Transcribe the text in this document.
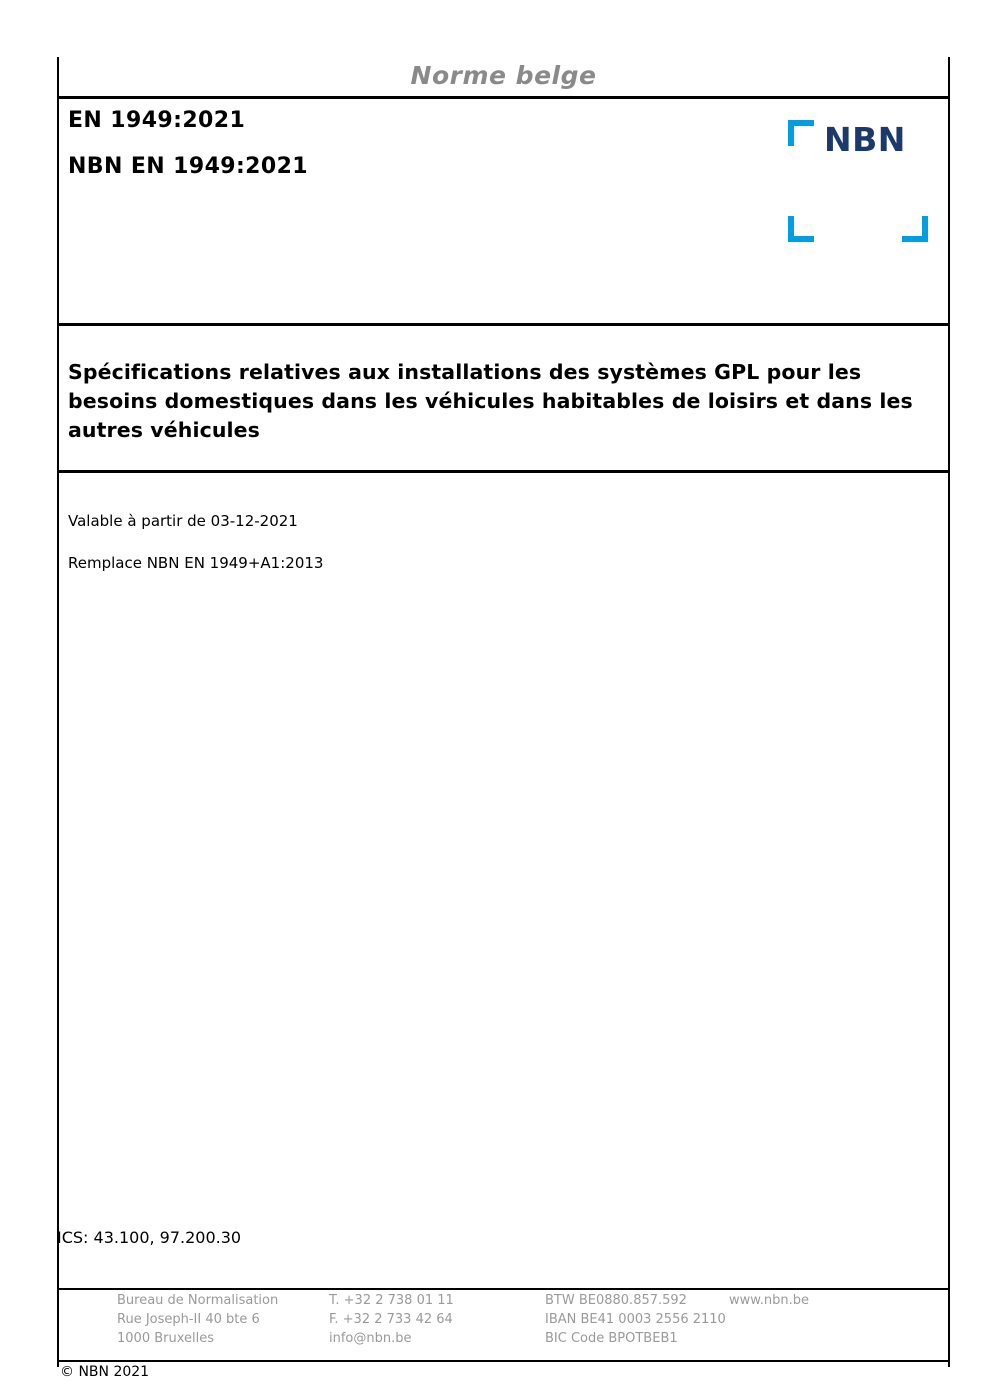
Norme belge
EN 1949:2021
NBN EN 1949:2021
NBN
Spécifications relatives aux installations des systèmes GPL pour les besoins domestiques dans les véhicules habitables de loisirs et dans les autres véhicules
Valable à partir de 03-12-2021
Remplace NBN EN 1949+A1:2013
ICS: 43.100, 97.200.30
Bureau de Normalisation
Rue Joseph-II 40 bte 6
1000 Bruxelles
T. +32 2 738 01 11
F. +32 2 733 42 64
info@nbn.be
BTW BE0880.857.592
IBAN BE41 0003 2556 2110
BIC Code BPOTBEB1
www.nbn.be
© NBN 2021
